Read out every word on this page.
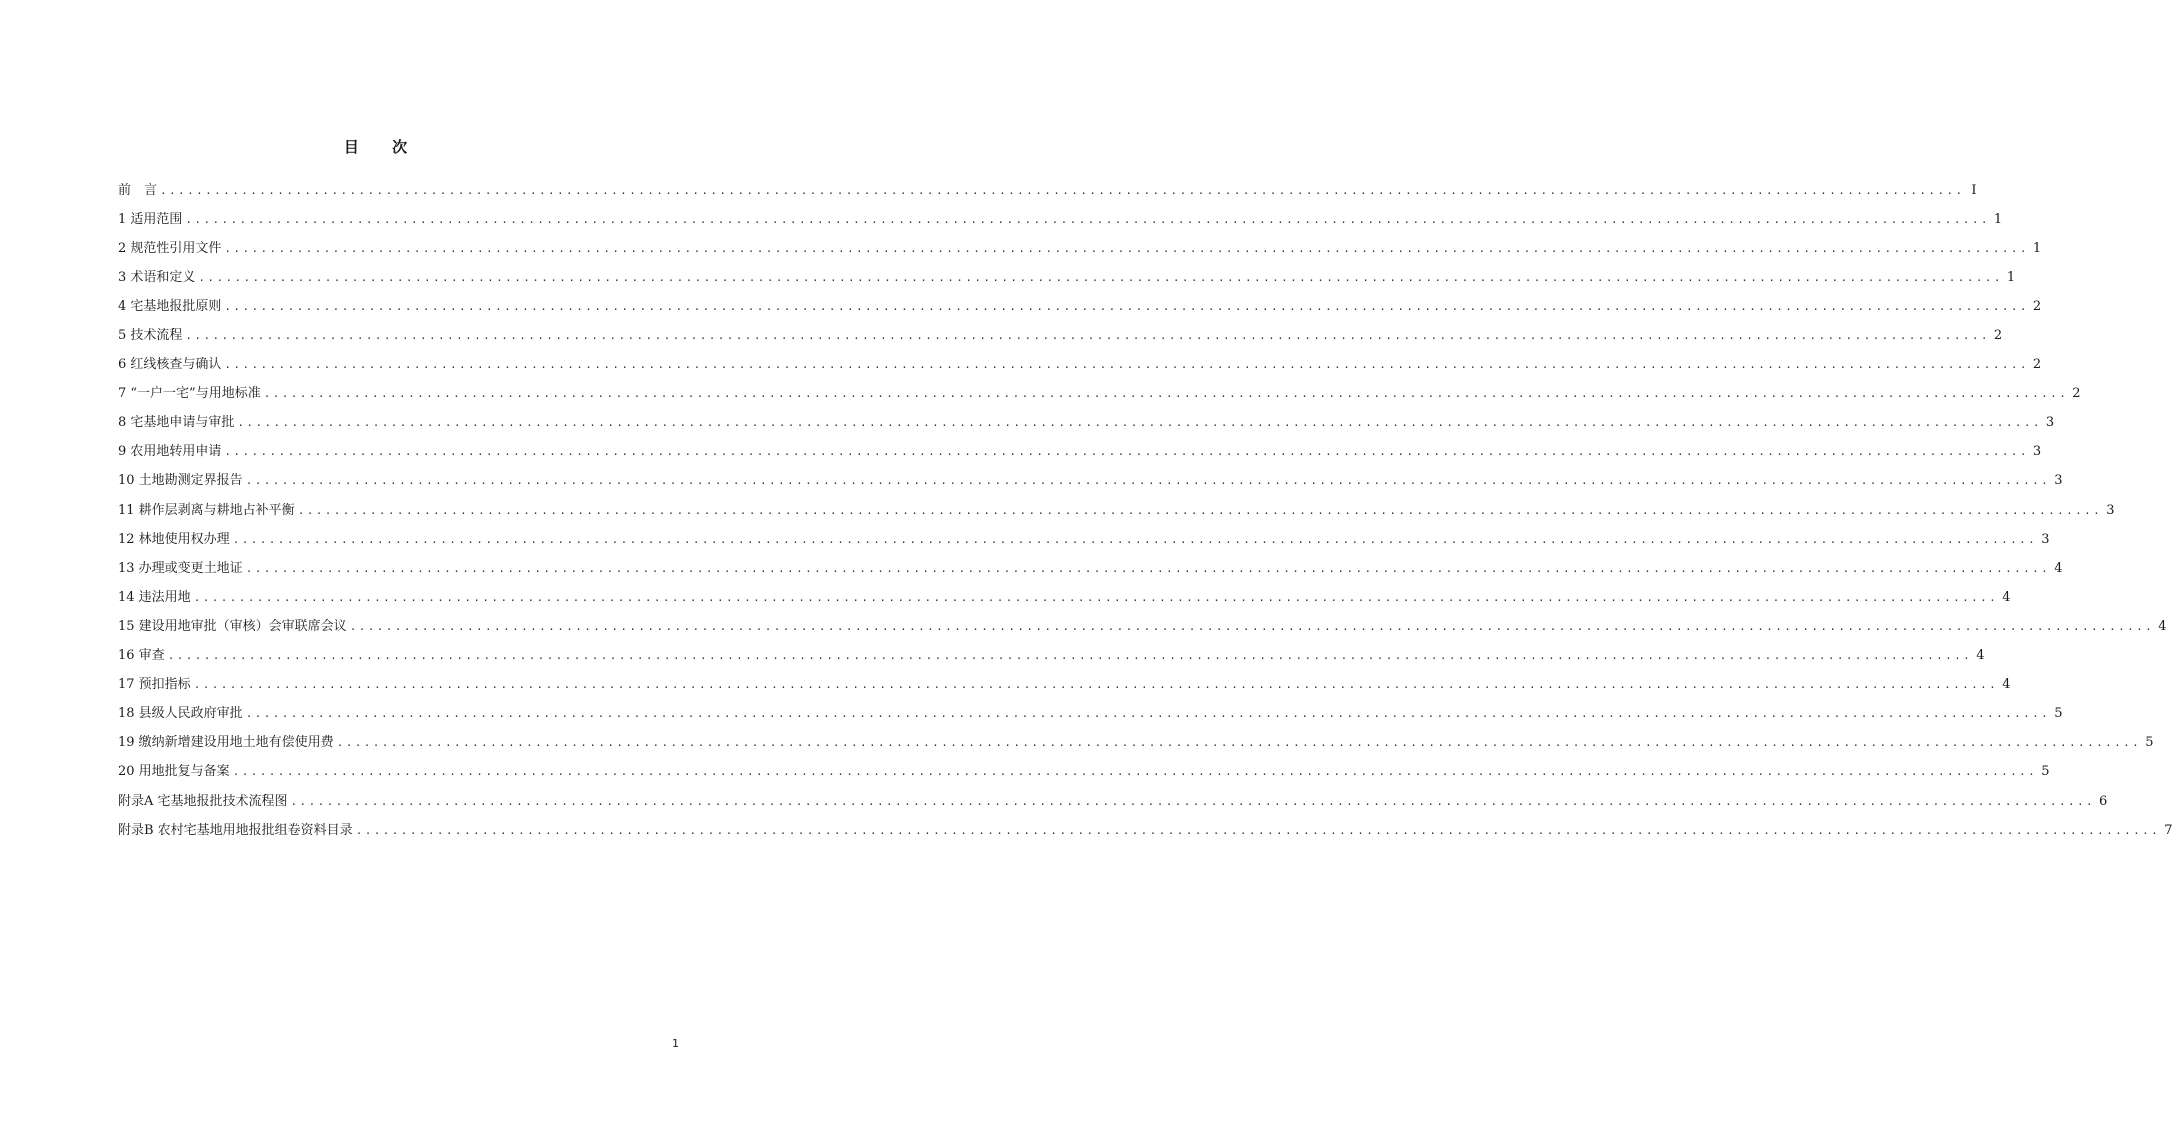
目 次
前　言 ........................................................................................................................................................................................................ I
1 适用范围 ........................................................................................................................................................................................................ 1
2 规范性引用文件 ........................................................................................................................................................................................................ 1
3 术语和定义 ........................................................................................................................................................................................................ 1
4 宅基地报批原则 ........................................................................................................................................................................................................ 2
5 技术流程 ........................................................................................................................................................................................................ 2
6 红线核查与确认 ........................................................................................................................................................................................................ 2
7 “一户一宅”与用地标准 ........................................................................................................................................................................................................ 2
8 宅基地申请与审批 ........................................................................................................................................................................................................ 3
9 农用地转用申请 ........................................................................................................................................................................................................ 3
10 土地勘测定界报告 ........................................................................................................................................................................................................ 3
11 耕作层剥离与耕地占补平衡 ........................................................................................................................................................................................................ 3
12 林地使用权办理 ........................................................................................................................................................................................................ 3
13 办理或变更土地证 ........................................................................................................................................................................................................ 4
14 违法用地 ........................................................................................................................................................................................................ 4
15 建设用地审批（审核）会审联席会议 ........................................................................................................................................................................................................ 4
16 审查 ........................................................................................................................................................................................................ 4
17 预扣指标 ........................................................................................................................................................................................................ 4
18 县级人民政府审批 ........................................................................................................................................................................................................ 5
19 缴纳新增建设用地土地有偿使用费 ........................................................................................................................................................................................................ 5
20 用地批复与备案 ........................................................................................................................................................................................................ 5
附录A 宅基地报批技术流程图 ........................................................................................................................................................................................................ 6
附录B 农村宅基地用地报批组卷资料目录 ........................................................................................................................................................................................................ 7
1
